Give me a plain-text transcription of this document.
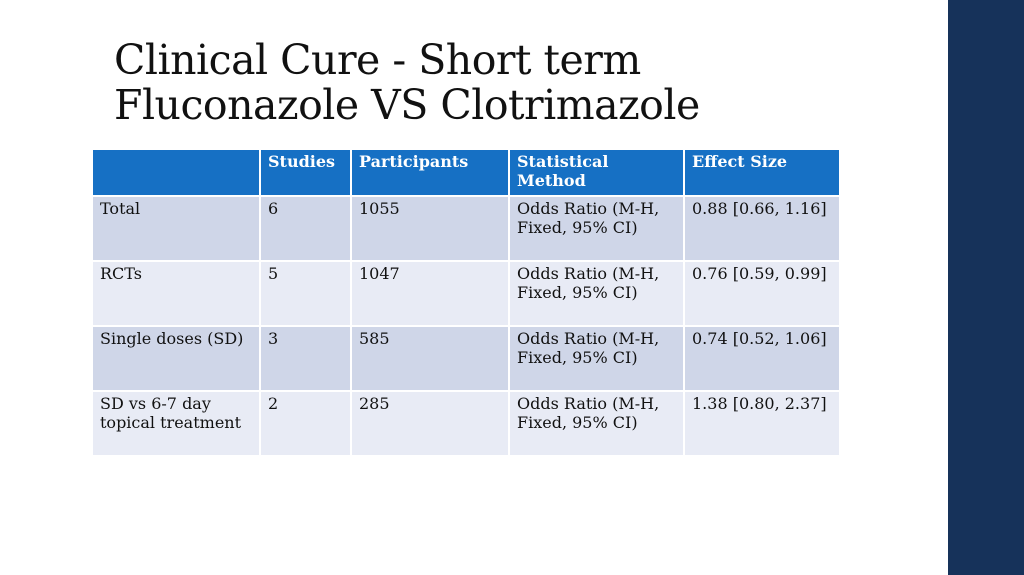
Clinical Cure - Short term
Fluconazole VS Clotrimazole
	Studies	Participants	Statistical Method	Effect Size
Total	6	1055	Odds Ratio (M-H, Fixed, 95% CI)	0.88 [0.66, 1.16]
RCTs	5	1047	Odds Ratio (M-H, Fixed, 95% CI)	0.76 [0.59, 0.99]
Single doses (SD)	3	585	Odds Ratio (M-H, Fixed, 95% CI)	0.74 [0.52, 1.06]
SD vs 6-7 day topical treatment	2	285	Odds Ratio (M-H, Fixed, 95% CI)	1.38 [0.80, 2.37]
